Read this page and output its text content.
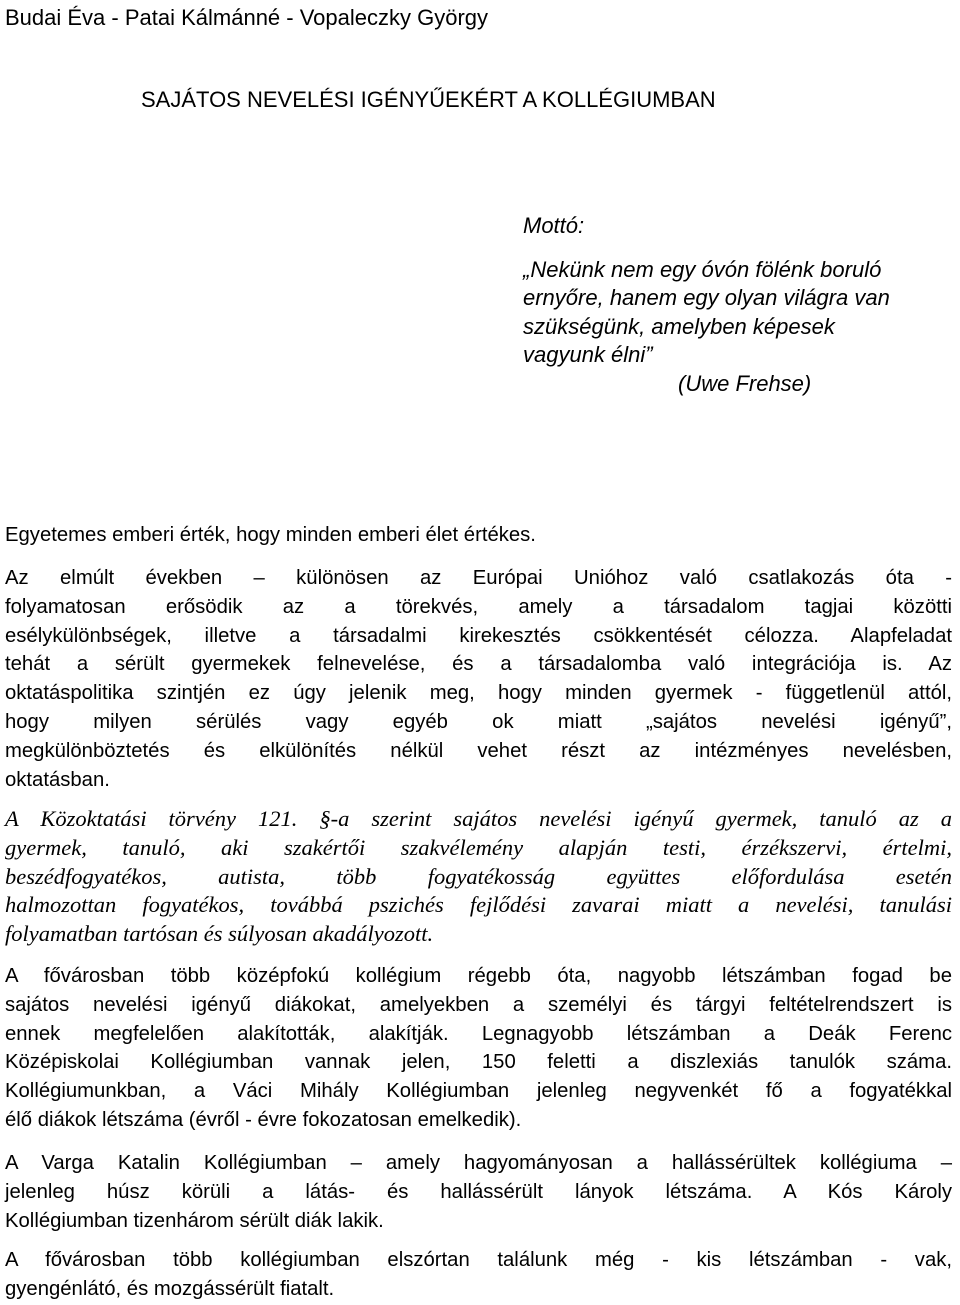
Budai Éva - Patai Kálmánné - Vopaleczky György
SAJÁTOS NEVELÉSI IGÉNYŰEKÉRT A KOLLÉGIUMBAN
Mottó:
„Nekünk nem egy óvón fölénk boruló
ernyőre, hanem egy olyan világra van
szükségünk, amelyben képesek
vagyunk élni”
(Uwe Frehse)
Egyetemes emberi érték, hogy minden emberi élet értékes.
Az elmúlt években – különösen az Európai Unióhoz való csatlakozás óta -
folyamatosan erősödik az a törekvés, amely a társadalom tagjai közötti
esélykülönbségek, illetve a társadalmi kirekesztés csökkentését célozza. Alapfeladat
tehát a sérült gyermekek felnevelése, és a társadalomba való integrációja is. Az
oktatáspolitika szintjén ez úgy jelenik meg, hogy minden gyermek - függetlenül attól,
hogy milyen sérülés vagy egyéb ok miatt „sajátos nevelési igényű”,
megkülönböztetés és elkülönítés nélkül vehet részt az intézményes nevelésben,
oktatásban.
A Közoktatási törvény 121. §-a szerint sajátos nevelési igényű gyermek, tanuló az a
gyermek, tanuló, aki szakértői szakvélemény alapján testi, érzékszervi, értelmi,
beszédfogyatékos, autista, több fogyatékosság együttes előfordulása esetén
halmozottan fogyatékos, továbbá pszichés fejlődési zavarai miatt a nevelési, tanulási
folyamatban tartósan és súlyosan akadályozott.
A fővárosban több középfokú kollégium régebb óta, nagyobb létszámban fogad be
sajátos nevelési igényű diákokat, amelyekben a személyi és tárgyi feltételrendszert is
ennek megfelelően alakították, alakítják. Legnagyobb létszámban a Deák Ferenc
Középiskolai Kollégiumban vannak jelen, 150 feletti a diszlexiás tanulók száma.
Kollégiumunkban, a Váci Mihály Kollégiumban jelenleg negyvenkét fő a fogyatékkal
élő diákok létszáma (évről - évre fokozatosan emelkedik).
A Varga Katalin Kollégiumban – amely hagyományosan a hallássérültek kollégiuma –
jelenleg húsz körüli a látás- és hallássérült lányok létszáma. A Kós Károly
Kollégiumban tizenhárom sérült diák lakik.
A fővárosban több kollégiumban elszórtan találunk még - kis létszámban - vak,
gyengénlátó, és mozgássérült fiatalt.
